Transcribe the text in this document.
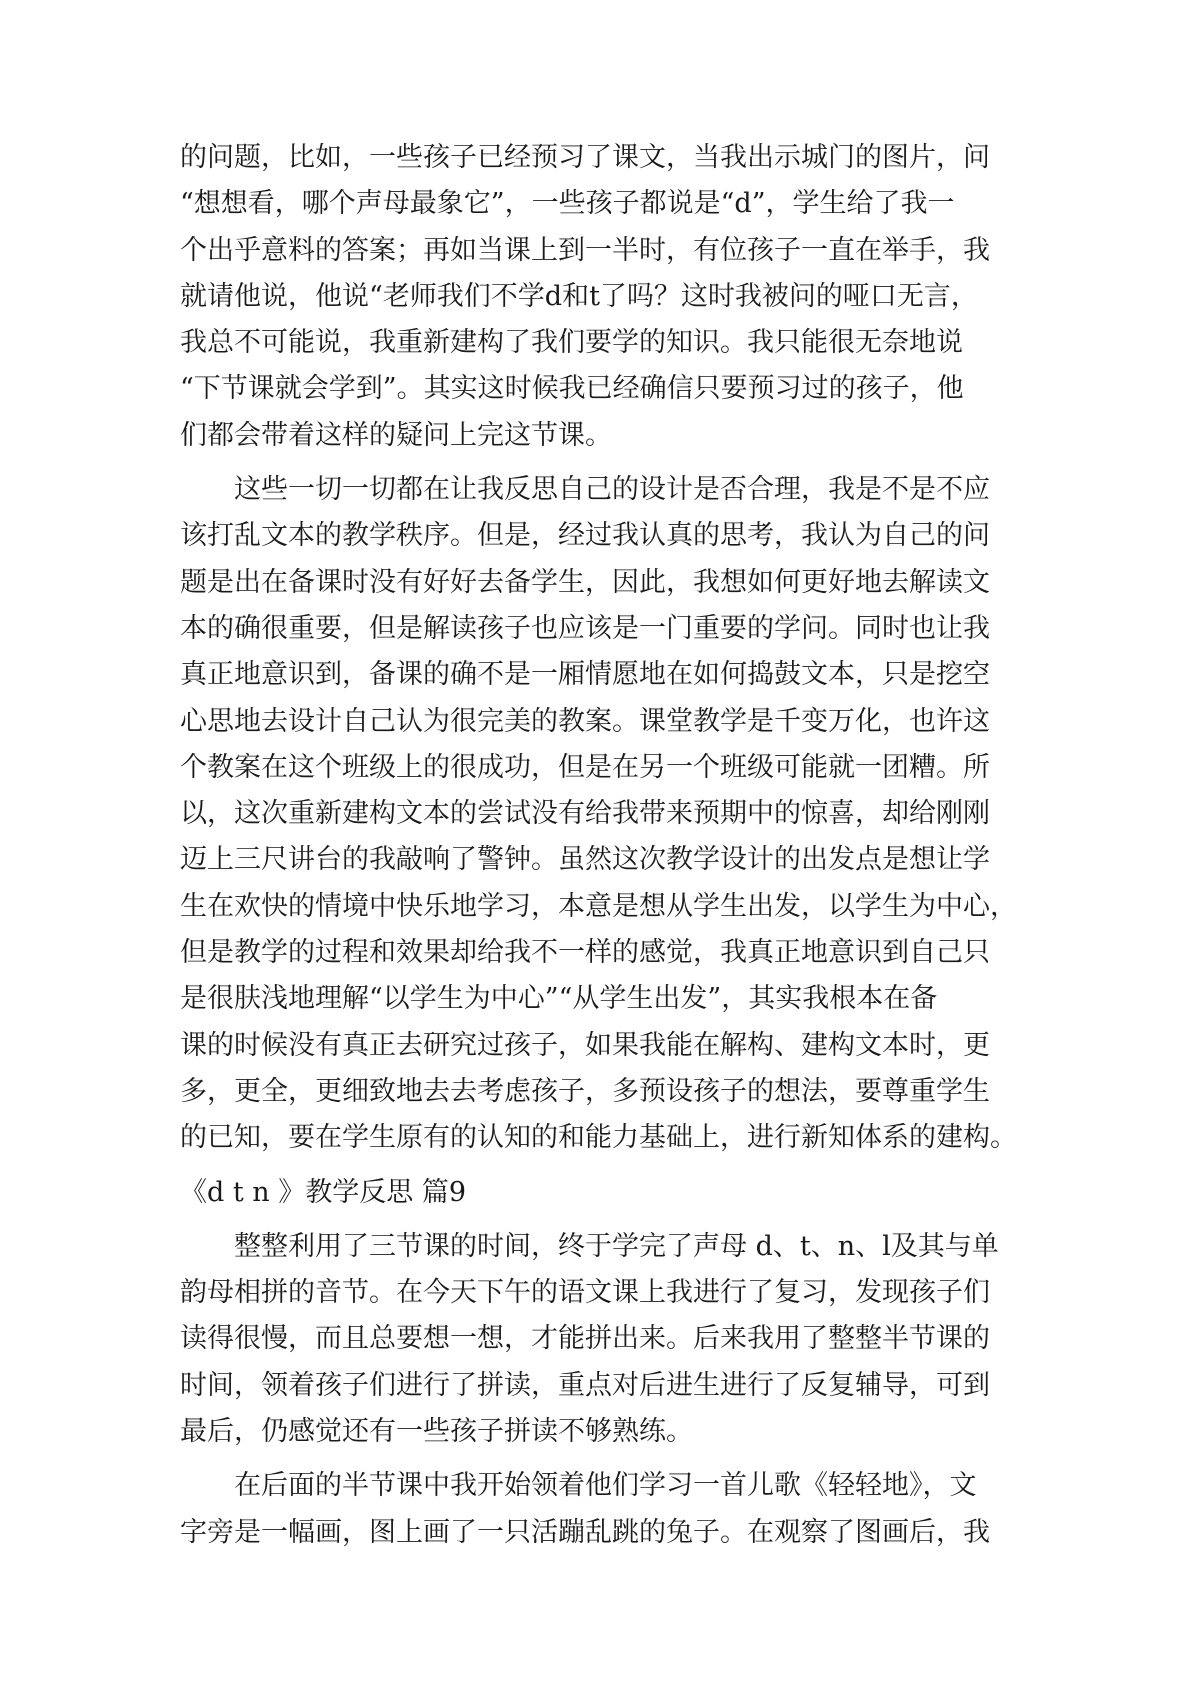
的问题，比如，一些孩子已经预习了课文，当我出示城门的图片，问
“想想看，哪个声母最象它”，一些孩子都说是“d”，学生给了我一
个出乎意料的答案；再如当课上到一半时，有位孩子一直在举手，我
就请他说，他说“老师我们不学d和t了吗？这时我被问的哑口无言，
我总不可能说，我重新建构了我们要学的知识。我只能很无奈地说
“下节课就会学到”。其实这时候我已经确信只要预习过的孩子，他
们都会带着这样的疑问上完这节课。
这些一切一切都在让我反思自己的设计是否合理，我是不是不应
该打乱文本的教学秩序。但是，经过我认真的思考，我认为自己的问
题是出在备课时没有好好去备学生，因此，我想如何更好地去解读文
本的确很重要，但是解读孩子也应该是一门重要的学问。同时也让我
真正地意识到，备课的确不是一厢情愿地在如何捣鼓文本，只是挖空
心思地去设计自己认为很完美的教案。课堂教学是千变万化，也许这
个教案在这个班级上的很成功，但是在另一个班级可能就一团糟。所
以，这次重新建构文本的尝试没有给我带来预期中的惊喜，却给刚刚
迈上三尺讲台的我敲响了警钟。虽然这次教学设计的出发点是想让学
生在欢快的情境中快乐地学习，本意是想从学生出发，以学生为中心，
但是教学的过程和效果却给我不一样的感觉，我真正地意识到自己只
是很肤浅地理解“以学生为中心”“从学生出发”，其实我根本在备
课的时候没有真正去研究过孩子，如果我能在解构、建构文本时，更
多，更全，更细致地去去考虑孩子，多预设孩子的想法，要尊重学生
的已知，要在学生原有的认知的和能力基础上，进行新知体系的建构。
《d t n 》教学反思 篇9
整整利用了三节课的时间，终于学完了声母 d、t、n、l及其与单
韵母相拼的音节。在今天下午的语文课上我进行了复习，发现孩子们
读得很慢，而且总要想一想，才能拼出来。后来我用了整整半节课的
时间，领着孩子们进行了拼读，重点对后进生进行了反复辅导，可到
最后，仍感觉还有一些孩子拼读不够熟练。
在后面的半节课中我开始领着他们学习一首儿歌《轻轻地》，文
字旁是一幅画，图上画了一只活蹦乱跳的兔子。在观察了图画后，我
